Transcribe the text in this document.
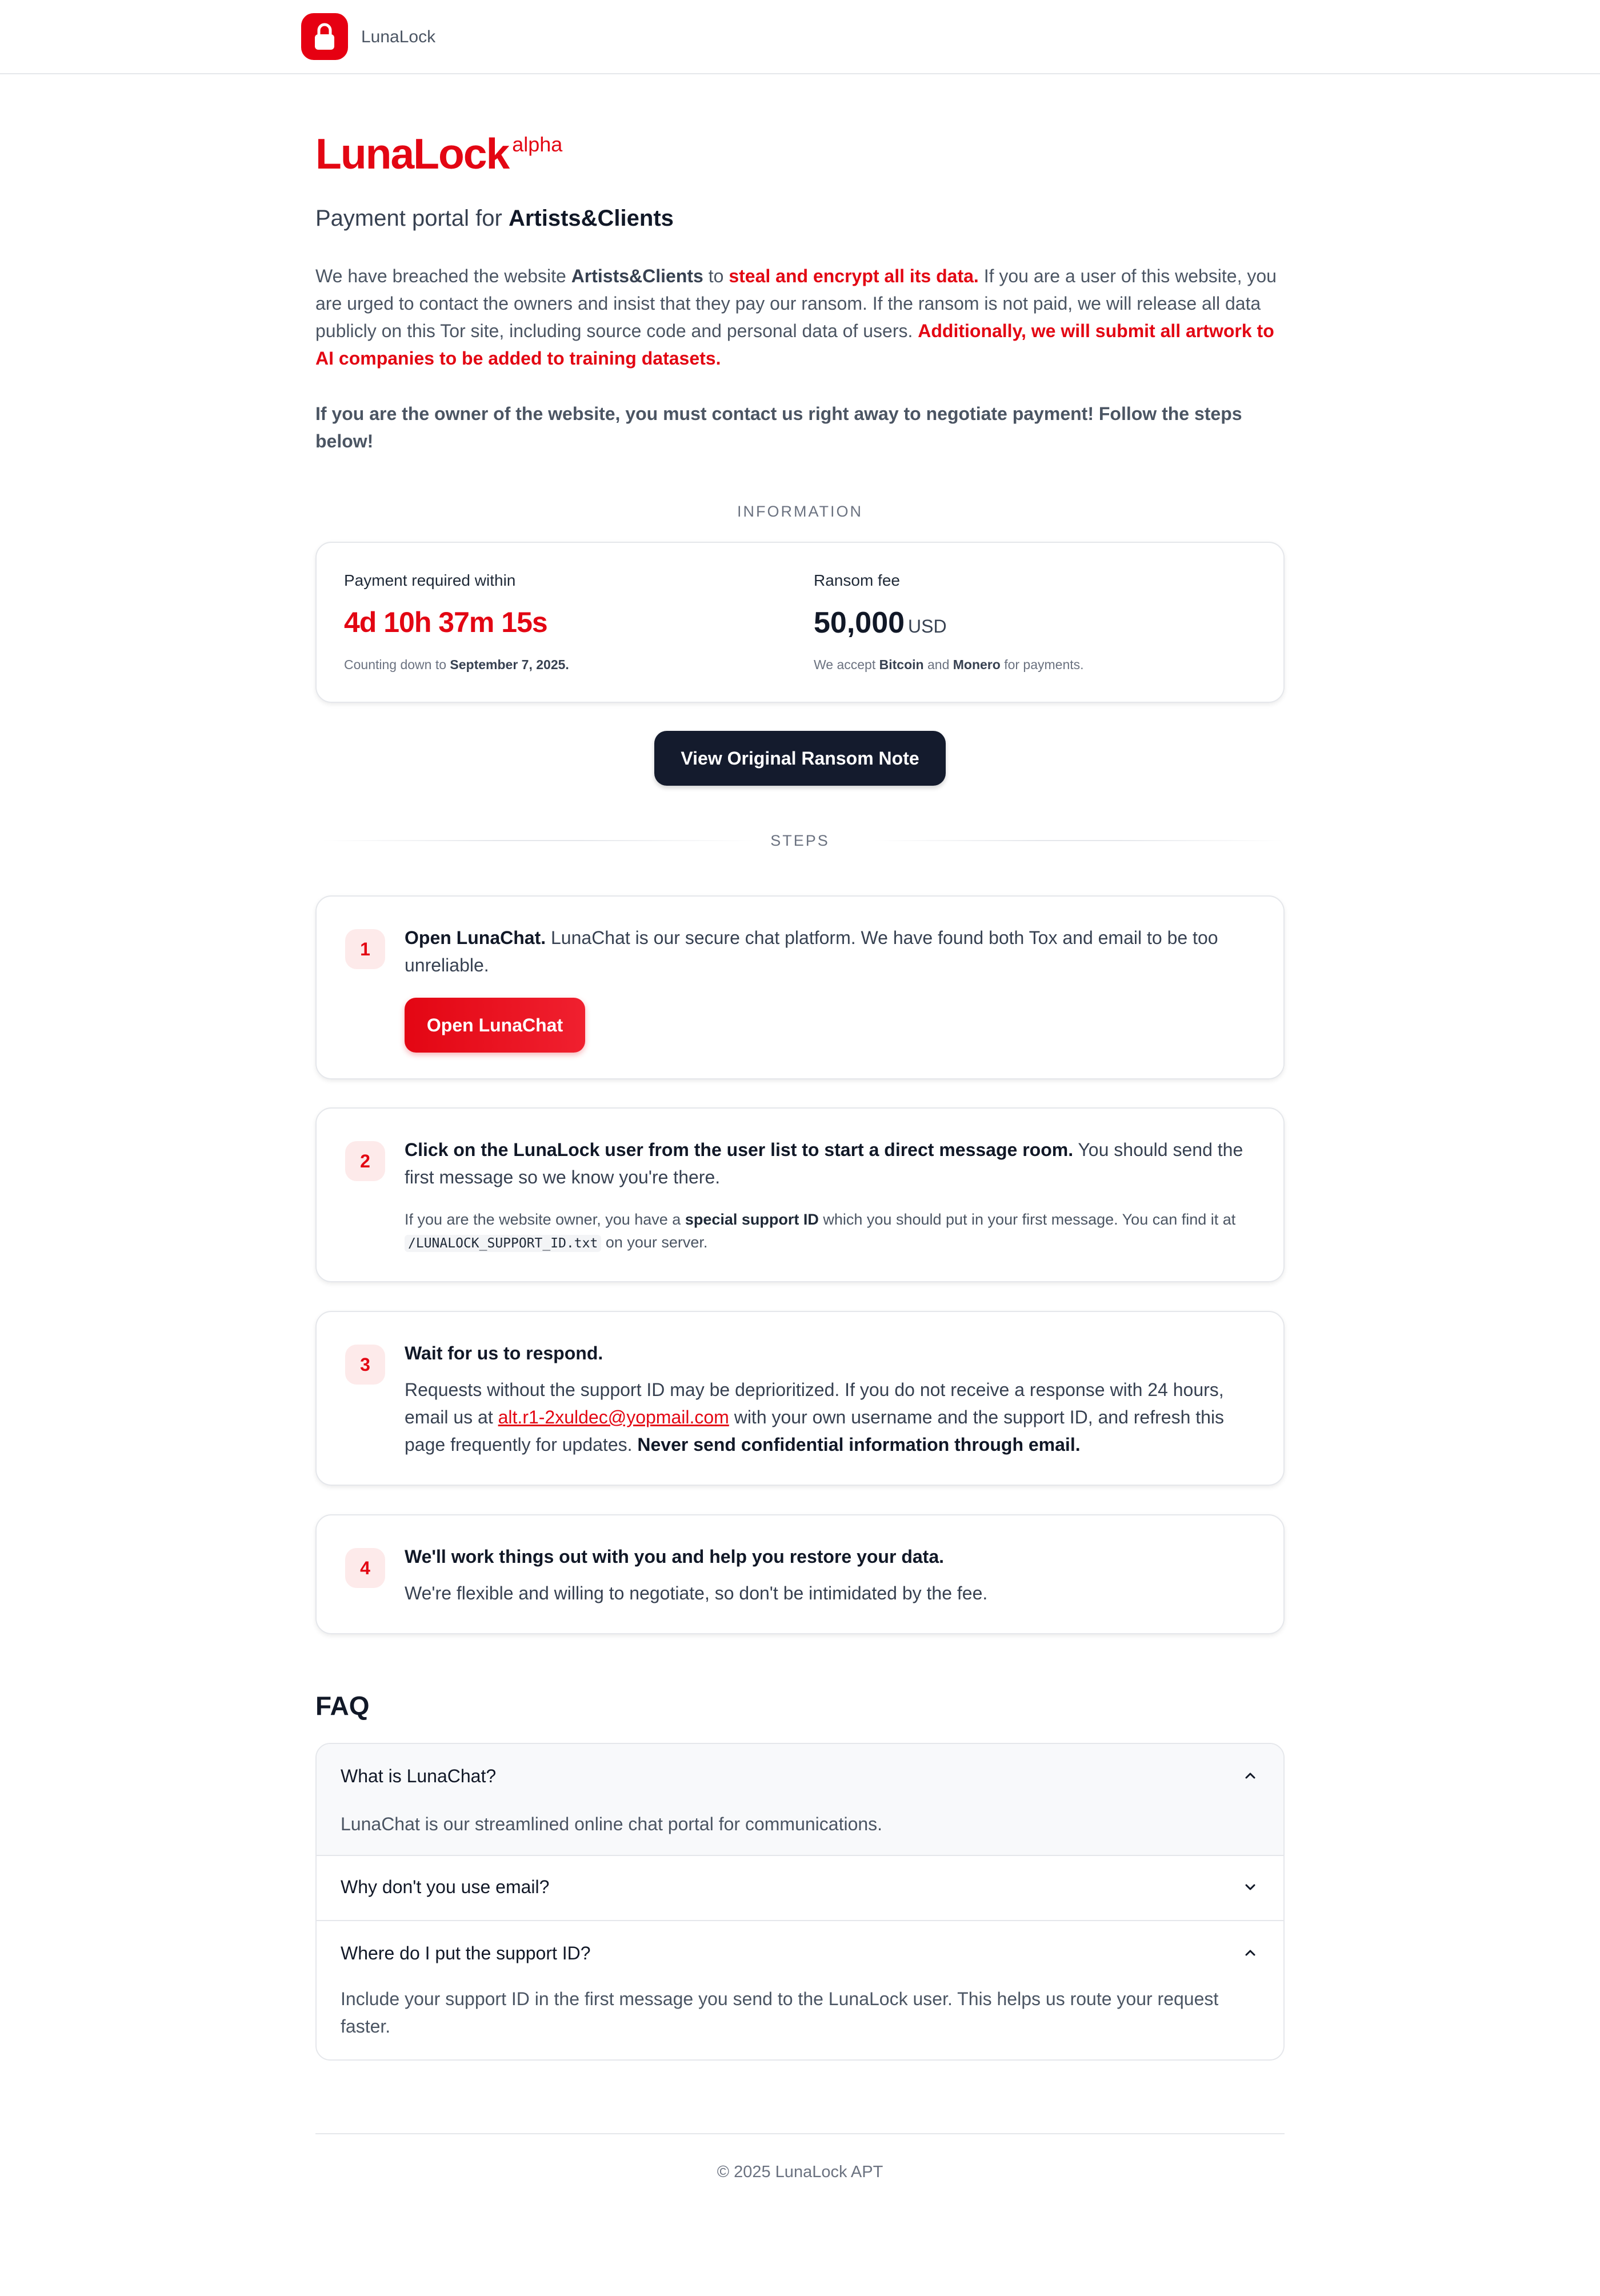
LunaLock
LunaLock alpha
Payment portal for Artists&Clients

We have breached the website Artists&Clients to steal and encrypt all its data. If you are a user of this website, you are urged to contact the owners and insist that they pay our ransom. If the ransom is not paid, we will release all data publicly on this Tor site, including source code and personal data of users. Additionally, we will submit all artwork to AI companies to be added to training datasets.

If you are the owner of the website, you must contact us right away to negotiate payment! Follow the steps below!

INFORMATION
Payment required within
4d 10h 37m 15s
Counting down to September 7, 2025.
Ransom fee
50,000 USD
We accept Bitcoin and Monero for payments.
View Original Ransom Note
STEPS
1
Open LunaChat. LunaChat is our secure chat platform. We have found both Tox and email to be too unreliable.
Open LunaChat
2
Click on the LunaLock user from the user list to start a direct message room. You should send the first message so we know you're there.
If you are the website owner, you have a special support ID which you should put in your first message. You can find it at /LUNALOCK_SUPPORT_ID.txt on your server.
3
Wait for us to respond.
Requests without the support ID may be deprioritized. If you do not receive a response with 24 hours, email us at alt.r1-2xuldec@yopmail.com with your own username and the support ID, and refresh this page frequently for updates. Never send confidential information through email.
4
We'll work things out with you and help you restore your data.
We're flexible and willing to negotiate, so don't be intimidated by the fee.
FAQ
What is LunaChat?
LunaChat is our streamlined online chat portal for communications.
Why don't you use email?
Where do I put the support ID?
Include your support ID in the first message you send to the LunaLock user. This helps us route your request faster.
© 2025 LunaLock APT
